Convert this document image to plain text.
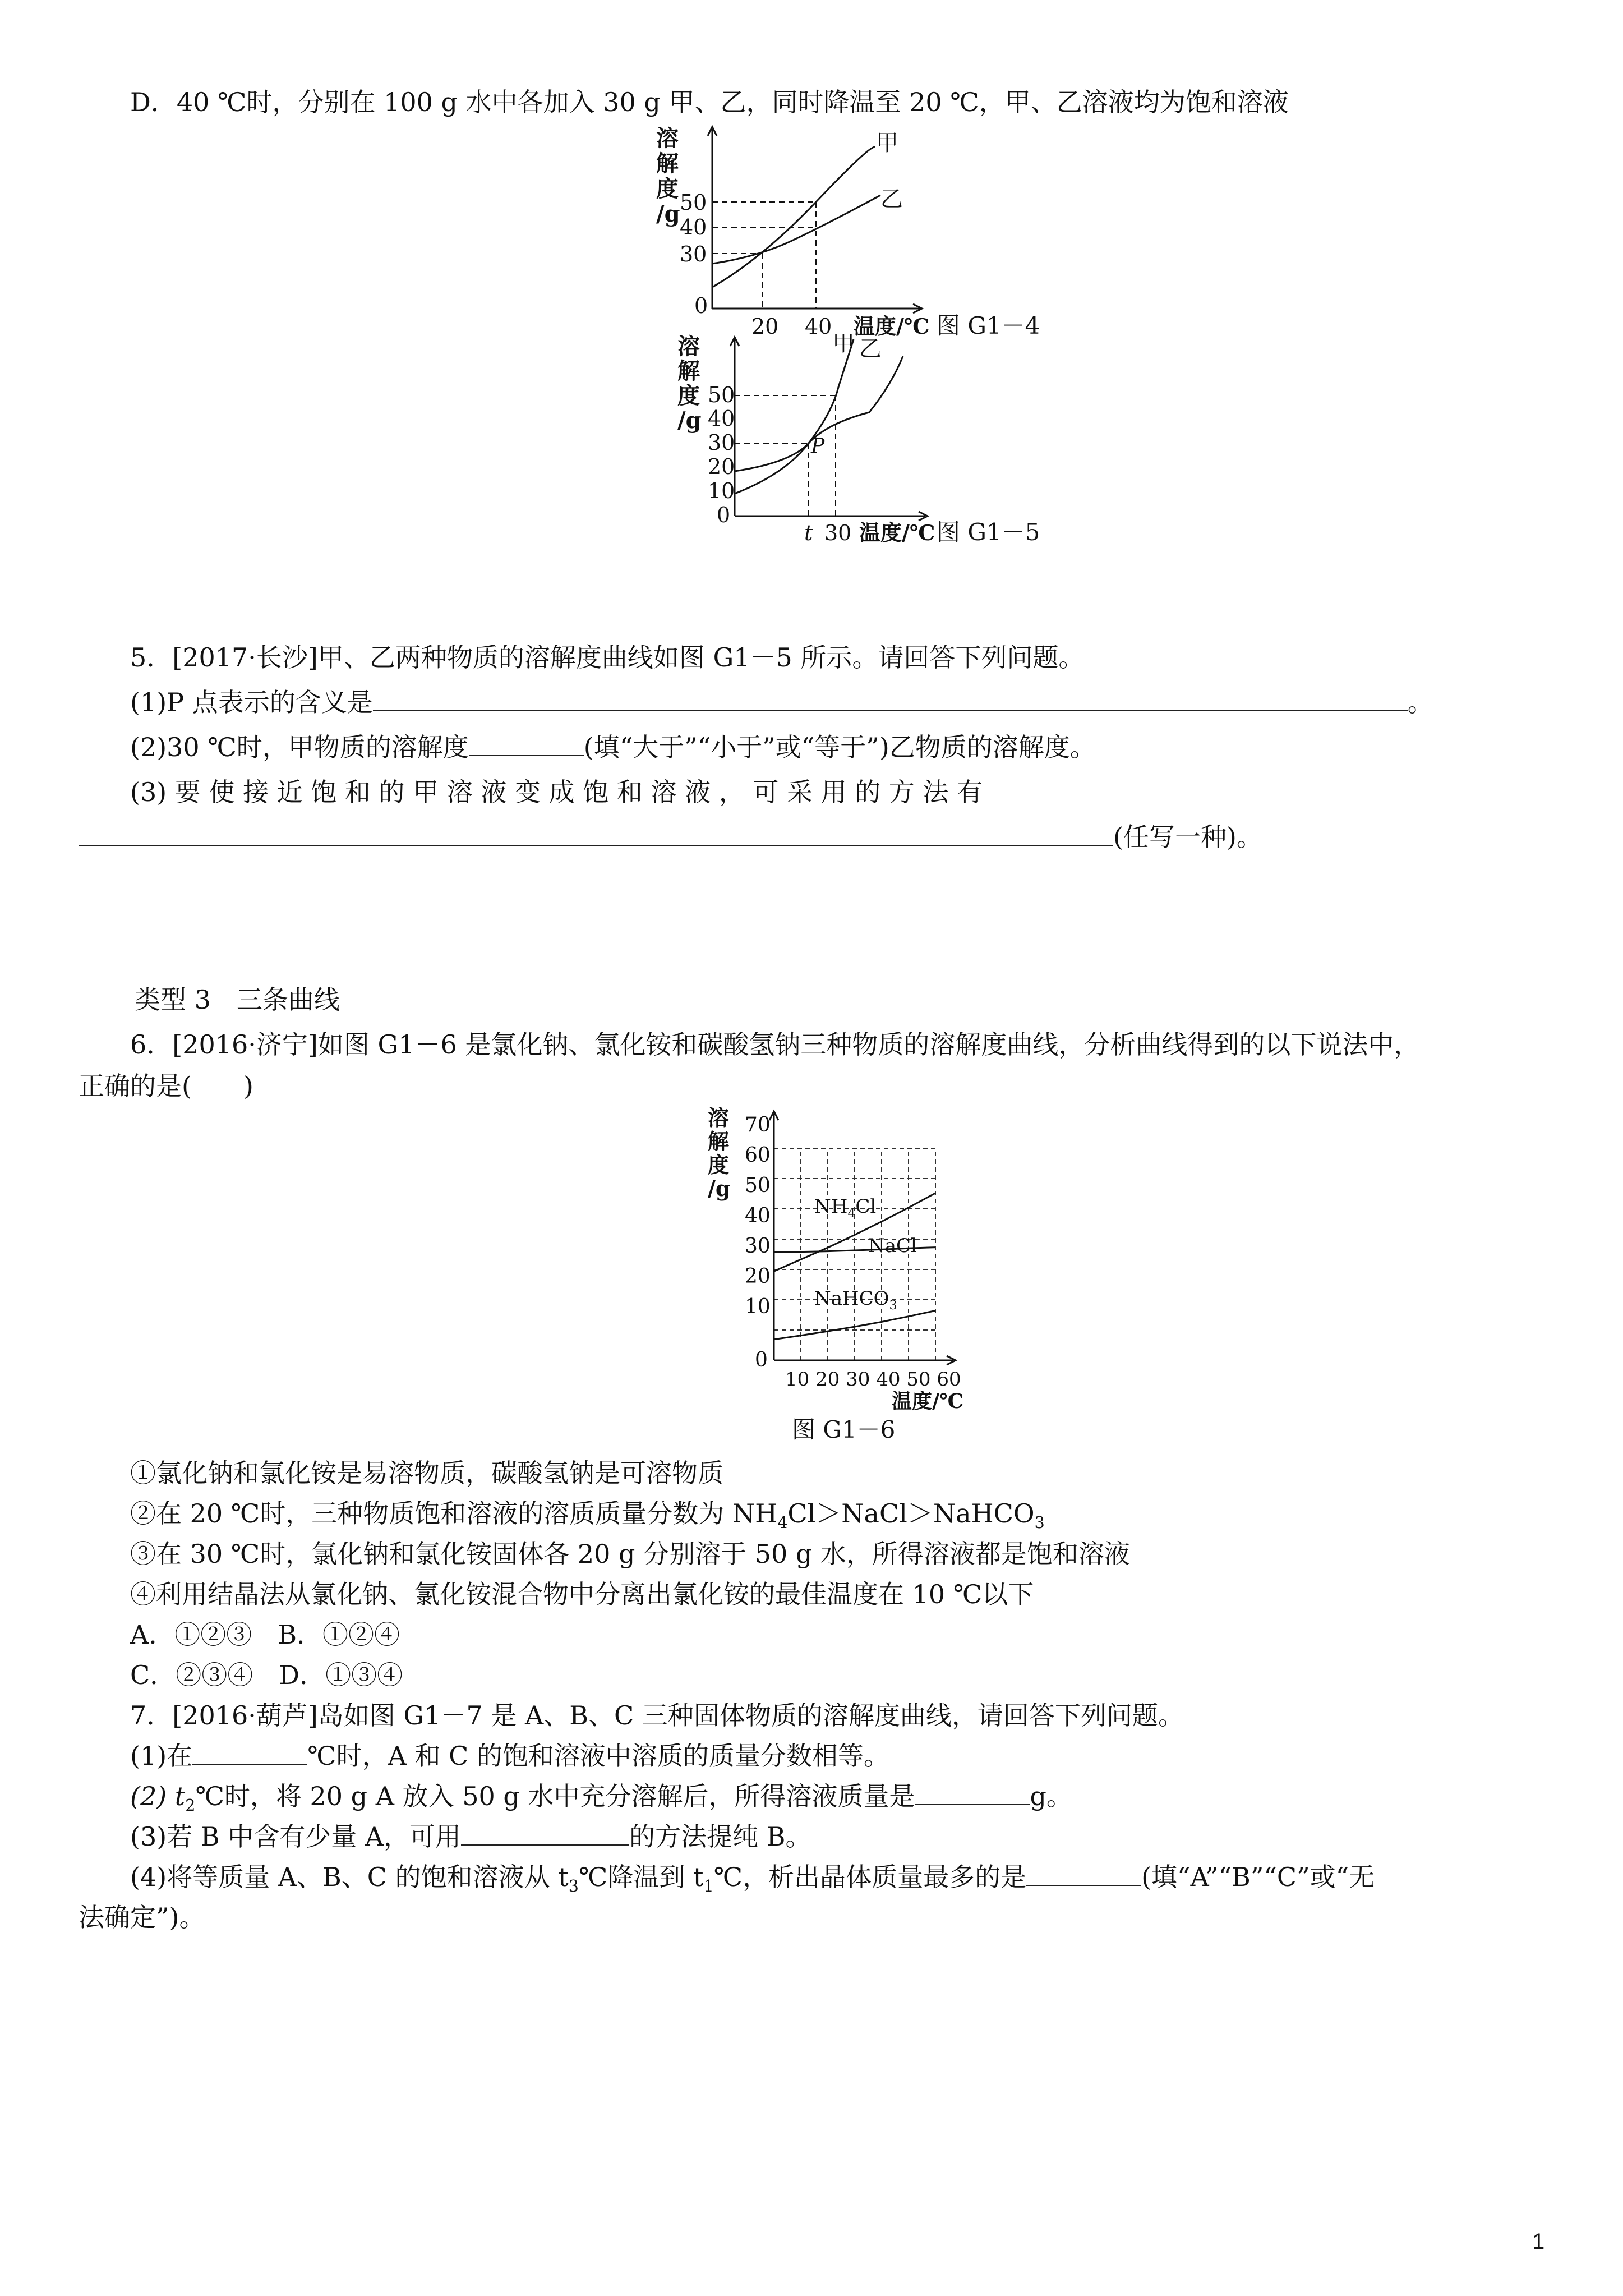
D．40 ℃时，分别在 100 g 水中各加入 30 g 甲、乙，同时降温至 20 ℃，甲、乙溶液均为饱和溶液
溶
解
度
/g 50
40
30
0
20 40
甲
乙
温度/℃ 图 G1－4
溶
解
度
/g
50
40
30
20
10
0
t 30
P
甲 乙
温度/℃ 图 G1－5
5．[2017·长沙]甲、乙两种物质的溶解度曲线如图 G1－5 所示。请回答下列问题。
(1)P 点表示的含义是	。
(2)30 ℃时，甲物质的溶解度	(填“大于”“小于”或“等于”)乙物质的溶解度。
(3) 要 使 接 近 饱 和 的 甲 溶 液 变 成 饱 和 溶 液 ， 可 采 用 的 方 法 有
(任写一种)。
类型 3　三条曲线
6．[2016·济宁]如图 G1－6 是氯化钠、氯化铵和碳酸氢钠三种物质的溶解度曲线，分析曲线得到的以下说法中，
正确的是(　　)
溶
解
度
/g
70
60
50
40
30
20
10
0
10 20 30 40 50 60
温度/℃
$NH_4Cl$
NaCl
NaHCO$_3$
图 G1－6
①氯化钠和氯化铵是易溶物质，碳酸氢钠是可溶物质
②在 20 ℃时，三种物质饱和溶液的溶质质量分数为 $NH_4Cl>NaCl>NaHCO_3$
③在 30 ℃时，氯化钠和氯化铵固体各 20 g 分别溶于 50 g 水，所得溶液都是饱和溶液
④利用结晶法从氯化钠、氯化铵混合物中分离出氯化铵的最佳温度在 10 ℃以下
A．①②③　B．①②④
C．②③④　D．①③④
7．[2016·葫芦]岛如图 G1－7 是 A、B、C 三种固体物质的溶解度曲线，请回答下列问题。
(1)在	℃时，A 和 C 的饱和溶液中溶质的质量分数相等。
(2) $t_2℃$时，将 20 g A 放入 50 g 水中充分溶解后，所得溶液质量是	g。
(3)若 B 中含有少量 A，可用	的方法提纯 B。
(4)将等质量 A、B、C 的饱和溶液从 $t_3℃$降温到 $t_1℃$，析出晶体质量最多的是	(填“A”“B”“C”或“无
法确定”)。
1
